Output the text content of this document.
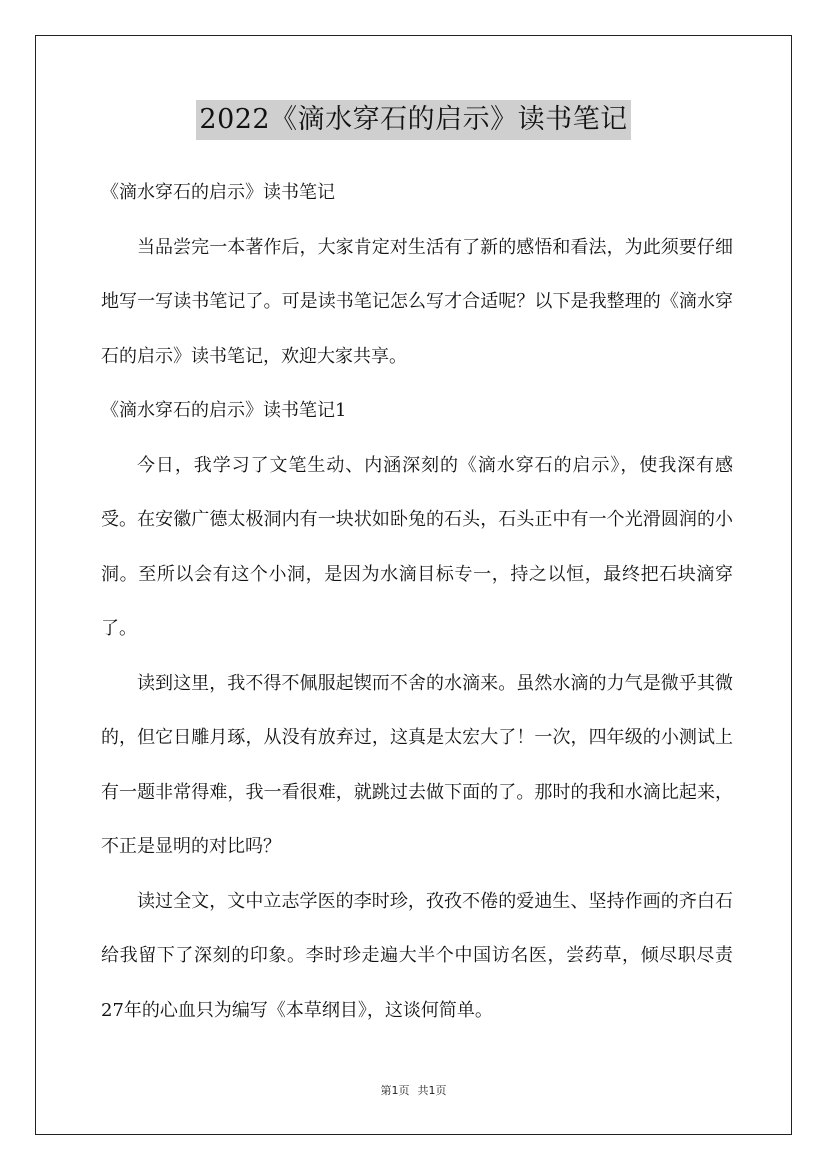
2022《滴水穿石的启示》读书笔记

《滴水穿石的启示》读书笔记

当品尝完一本著作后，大家肯定对生活有了新的感悟和看法，为此须要仔细地写一写读书笔记了。可是读书笔记怎么写才合适呢？以下是我整理的《滴水穿石的启示》读书笔记，欢迎大家共享。

《滴水穿石的启示》读书笔记1

今日，我学习了文笔生动、内涵深刻的《滴水穿石的启示》，使我深有感受。在安徽广德太极洞内有一块状如卧兔的石头，石头正中有一个光滑圆润的小洞。至所以会有这个小洞，是因为水滴目标专一，持之以恒，最终把石块滴穿了。

读到这里，我不得不佩服起锲而不舍的水滴来。虽然水滴的力气是微乎其微的，但它日雕月琢，从没有放弃过，这真是太宏大了！一次，四年级的小测试上有一题非常得难，我一看很难，就跳过去做下面的了。那时的我和水滴比起来，不正是显明的对比吗？

读过全文，文中立志学医的李时珍，孜孜不倦的爱迪生、坚持作画的齐白石给我留下了深刻的印象。李时珍走遍大半个中国访名医，尝药草，倾尽职尽责27年的心血只为编写《本草纲目》，这谈何简单。

第1页 共1页
